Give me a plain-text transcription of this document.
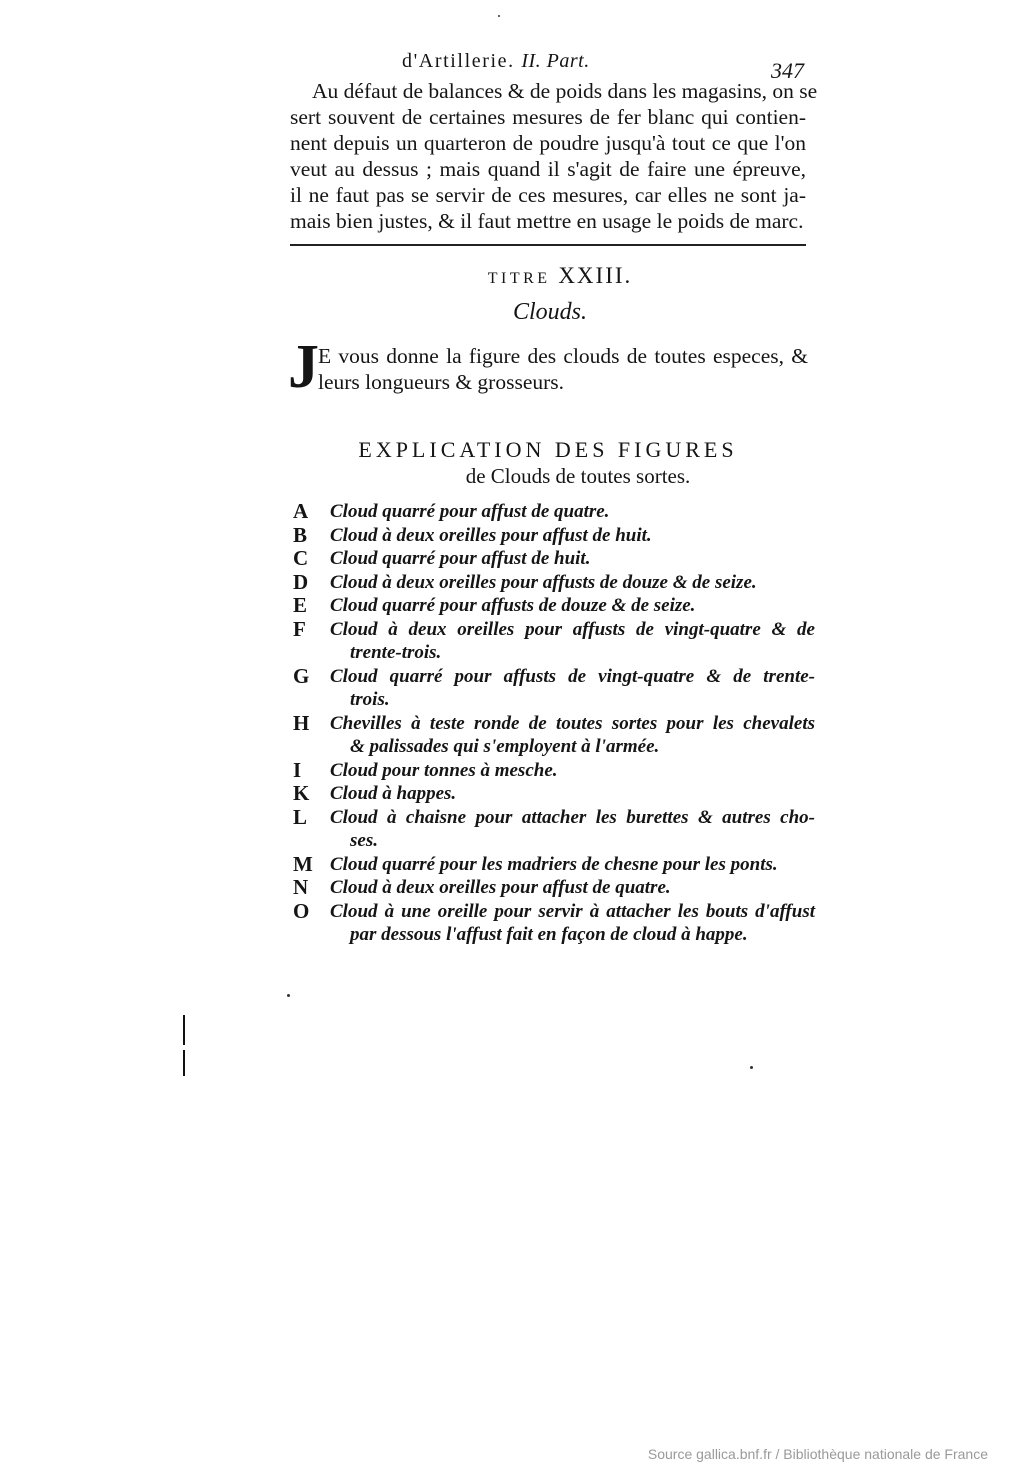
d'Artillerie. II. Part.	347
Au défaut de balances & de poids dans les magasins, on se
sert souvent de certaines mesures de fer blanc qui contien-
nent depuis un quarteron de poudre jusqu'à tout ce que l'on
veut au dessus ; mais quand il s'agit de faire une épreuve,
il ne faut pas se servir de ces mesures, car elles ne sont ja-
mais bien justes, & il faut mettre en usage le poids de marc.
TITRE XXIII.
Clouds.
J E vous donne la figure des clouds de toutes especes, &
leurs longueurs & grosseurs.
EXPLICATION DES FIGURES
de Clouds de toutes sortes.
A Cloud quarré pour affust de quatre.
B Cloud à deux oreilles pour affust de huit.
C Cloud quarré pour affust de huit.
D Cloud à deux oreilles pour affusts de douze & de seize.
E Cloud quarré pour affusts de douze & de seize.
F Cloud à deux oreilles pour affusts de vingt-quatre & de
trente-trois.
G Cloud quarré pour affusts de vingt-quatre & de trente-
trois.
H Chevilles à teste ronde de toutes sortes pour les chevalets
& palissades qui s'employent à l'armée.
I Cloud pour tonnes à mesche.
K Cloud à happes.
L Cloud à chaisne pour attacher les burettes & autres cho-
ses.
M Cloud quarré pour les madriers de chesne pour les ponts.
N Cloud à deux oreilles pour affust de quatre.
O Cloud à une oreille pour servir à attacher les bouts d'affust
par dessous l'affust fait en façon de cloud à happe.
Source gallica.bnf.fr / Bibliothèque nationale de France
